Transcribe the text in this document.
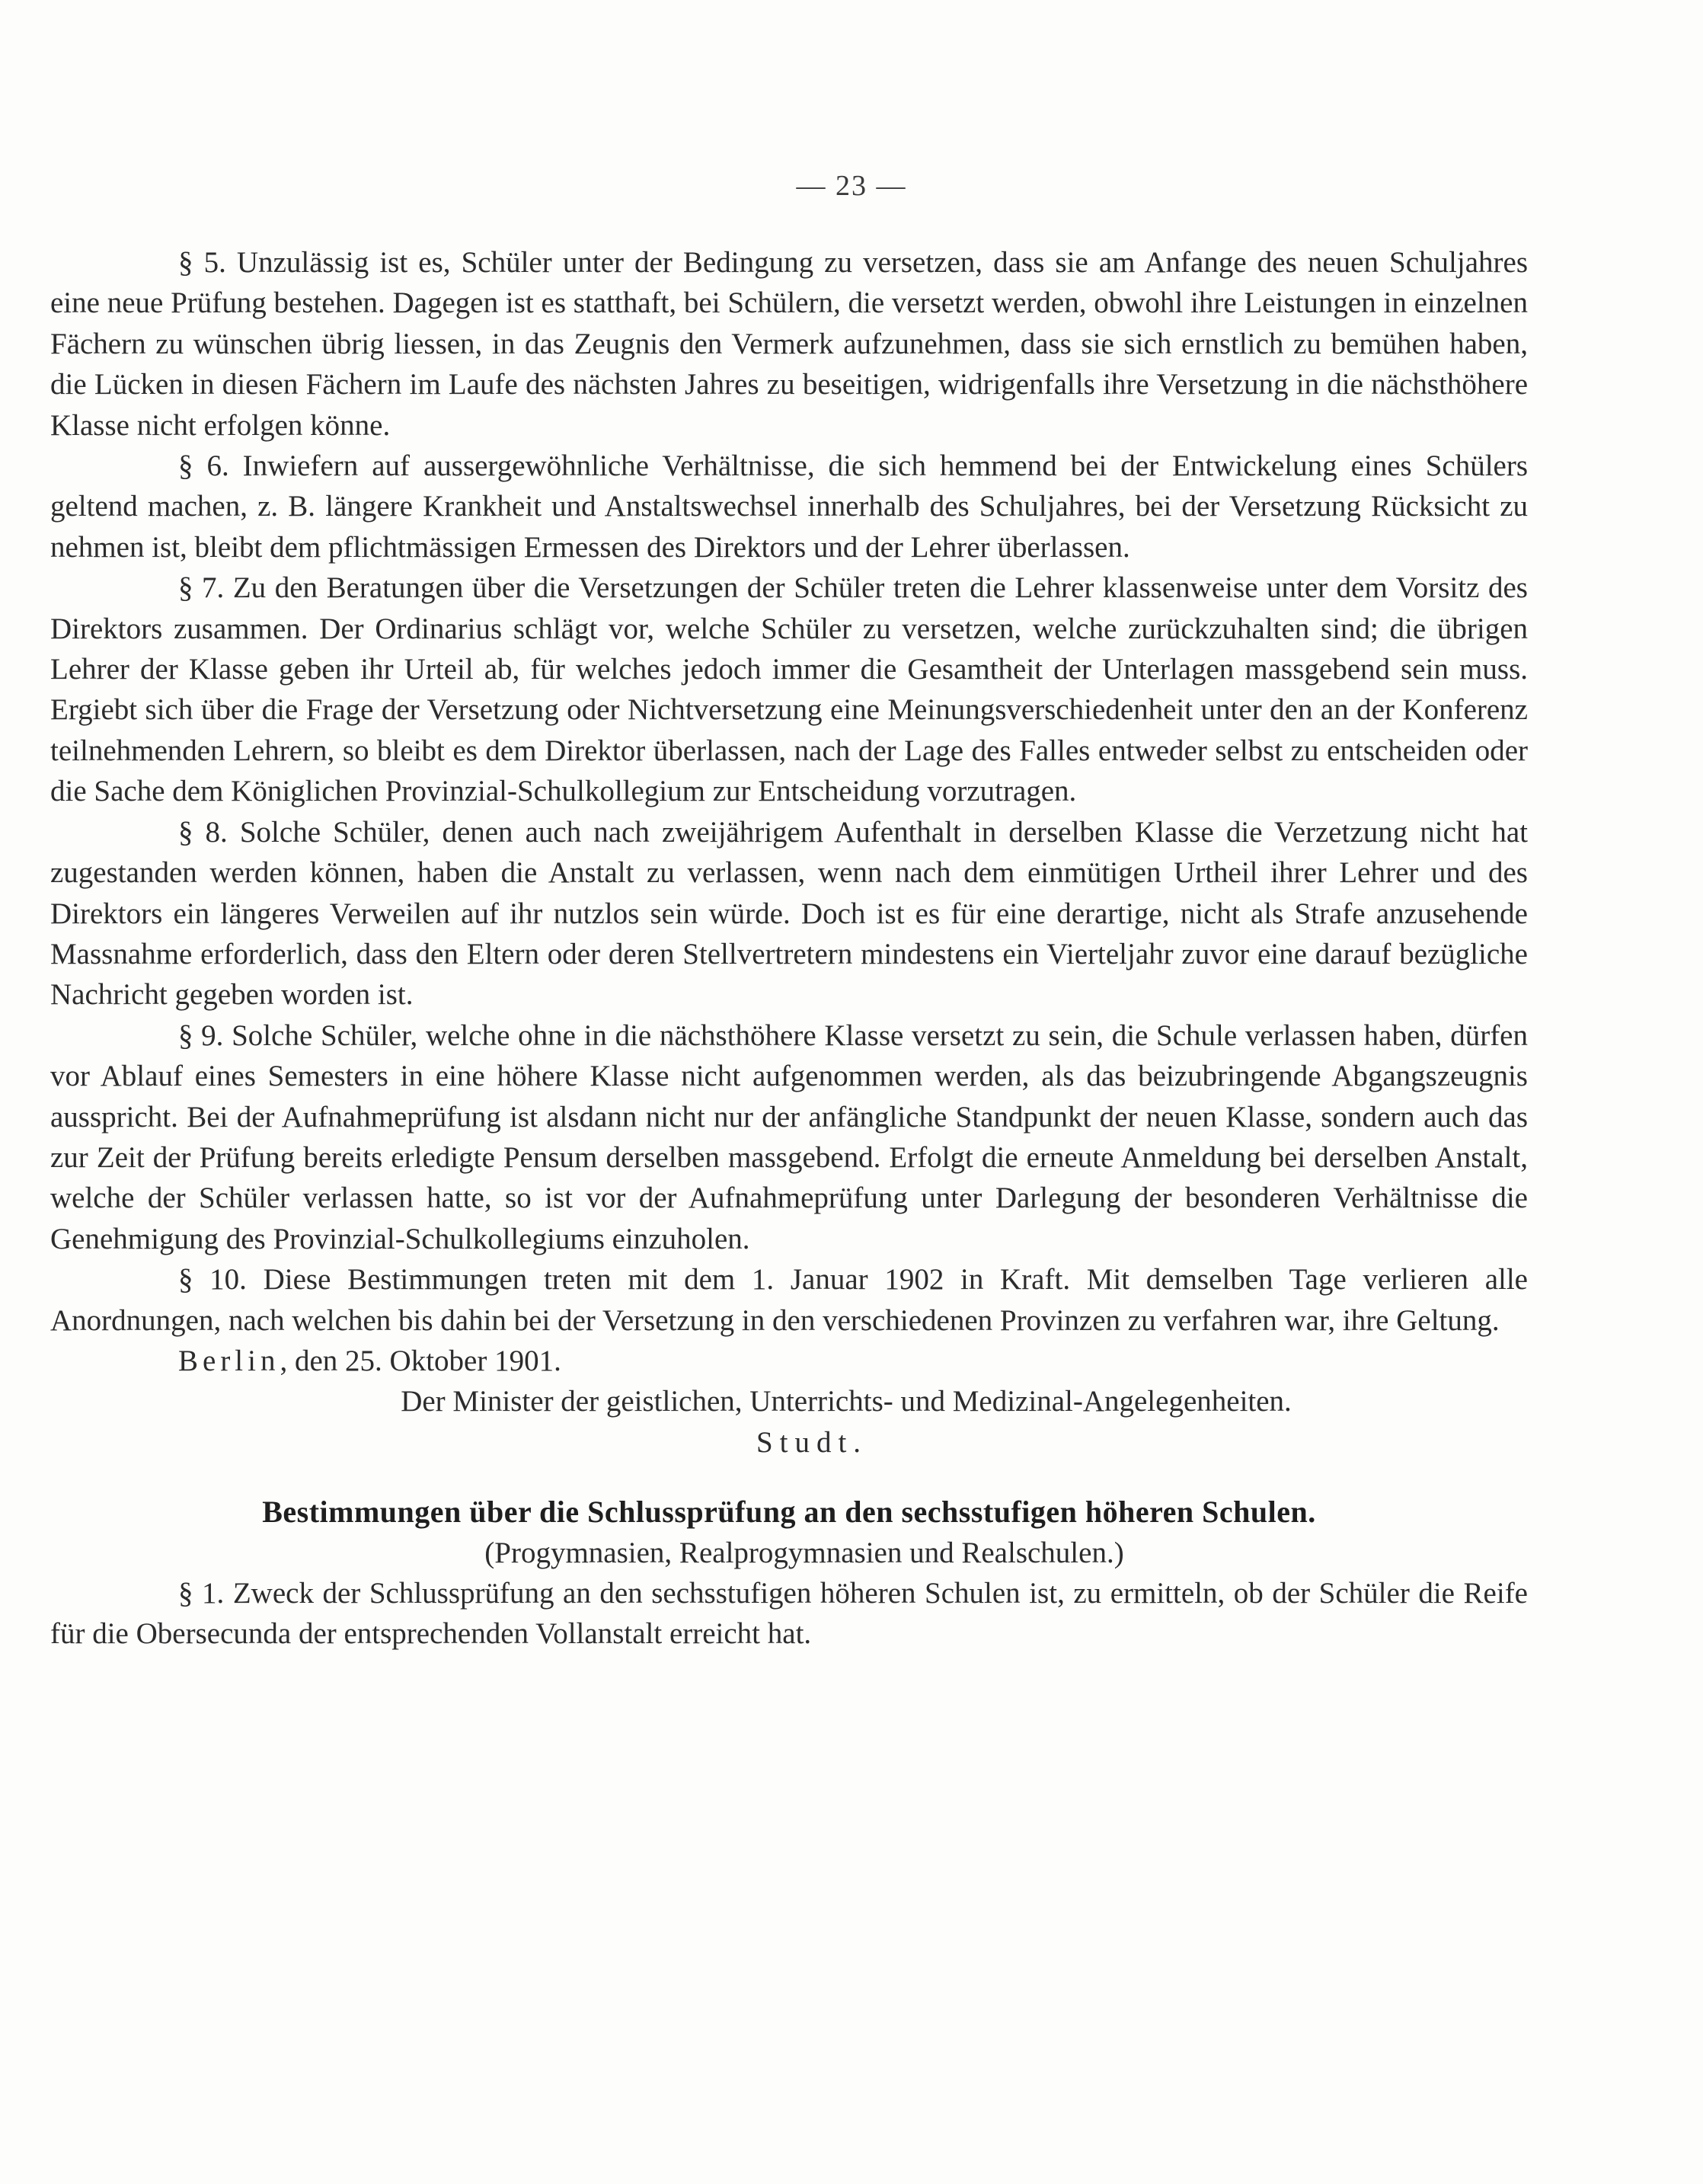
— 23 —

§ 5. Unzulässig ist es, Schüler unter der Bedingung zu versetzen, dass sie am Anfange des neuen Schuljahres eine neue Prüfung bestehen. Dagegen ist es statthaft, bei Schülern, die versetzt werden, obwohl ihre Leistungen in einzelnen Fächern zu wünschen übrig liessen, in das Zeugnis den Vermerk aufzunehmen, dass sie sich ernstlich zu bemühen haben, die Lücken in diesen Fächern im Laufe des nächsten Jahres zu beseitigen, widrigenfalls ihre Versetzung in die nächsthöhere Klasse nicht erfolgen könne.

§ 6. Inwiefern auf aussergewöhnliche Verhältnisse, die sich hemmend bei der Entwickelung eines Schülers geltend machen, z. B. längere Krankheit und Anstaltswechsel innerhalb des Schuljahres, bei der Versetzung Rücksicht zu nehmen ist, bleibt dem pflichtmässigen Ermessen des Direktors und der Lehrer überlassen.

§ 7. Zu den Beratungen über die Versetzungen der Schüler treten die Lehrer klassenweise unter dem Vorsitz des Direktors zusammen. Der Ordinarius schlägt vor, welche Schüler zu versetzen, welche zurückzuhalten sind; die übrigen Lehrer der Klasse geben ihr Urteil ab, für welches jedoch immer die Gesamtheit der Unterlagen massgebend sein muss. Ergiebt sich über die Frage der Versetzung oder Nichtversetzung eine Meinungsverschiedenheit unter den an der Konferenz teilnehmenden Lehrern, so bleibt es dem Direktor überlassen, nach der Lage des Falles entweder selbst zu entscheiden oder die Sache dem Königlichen Provinzial-Schulkollegium zur Entscheidung vorzutragen.

§ 8. Solche Schüler, denen auch nach zweijährigem Aufenthalt in derselben Klasse die Verzetzung nicht hat zugestanden werden können, haben die Anstalt zu verlassen, wenn nach dem einmütigen Urtheil ihrer Lehrer und des Direktors ein längeres Verweilen auf ihr nutzlos sein würde. Doch ist es für eine derartige, nicht als Strafe anzusehende Massnahme erforderlich, dass den Eltern oder deren Stellvertretern mindestens ein Vierteljahr zuvor eine darauf bezügliche Nachricht gegeben worden ist.

§ 9. Solche Schüler, welche ohne in die nächsthöhere Klasse versetzt zu sein, die Schule verlassen haben, dürfen vor Ablauf eines Semesters in eine höhere Klasse nicht aufgenommen werden, als das beizubringende Abgangszeugnis ausspricht. Bei der Aufnahmeprüfung ist alsdann nicht nur der anfängliche Standpunkt der neuen Klasse, sondern auch das zur Zeit der Prüfung bereits erledigte Pensum derselben massgebend. Erfolgt die erneute Anmeldung bei derselben Anstalt, welche der Schüler verlassen hatte, so ist vor der Aufnahmeprüfung unter Darlegung der besonderen Verhältnisse die Genehmigung des Provinzial-Schulkollegiums einzuholen.

§ 10. Diese Bestimmungen treten mit dem 1. Januar 1902 in Kraft. Mit demselben Tage verlieren alle Anordnungen, nach welchen bis dahin bei der Versetzung in den verschiedenen Provinzen zu verfahren war, ihre Geltung.

Berlin, den 25. Oktober 1901.

Der Minister der geistlichen, Unterrichts- und Medizinal-Angelegenheiten.

Studt.

Bestimmungen über die Schlussprüfung an den sechsstufigen höheren Schulen.

(Progymnasien, Realprogymnasien und Realschulen.)

§ 1. Zweck der Schlussprüfung an den sechsstufigen höheren Schulen ist, zu ermitteln, ob der Schüler die Reife für die Obersecunda der entsprechenden Vollanstalt erreicht hat.
